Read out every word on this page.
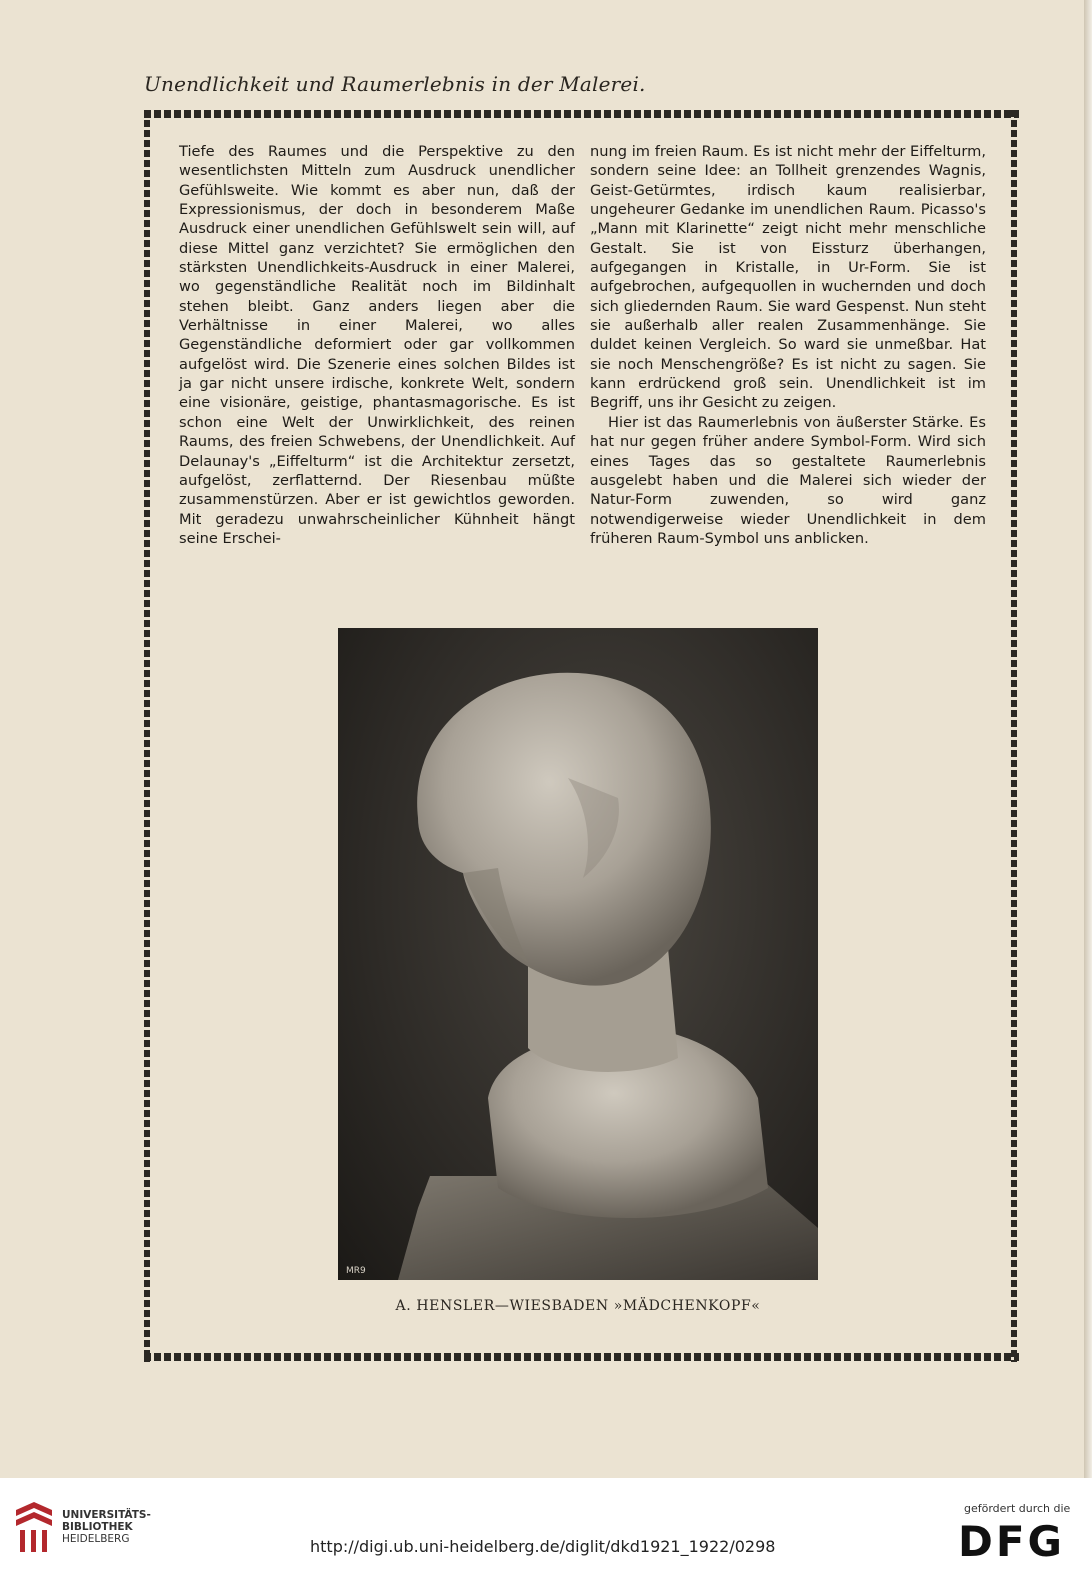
Unendlichkeit und Raumerlebnis in der Malerei.

Tiefe des Raumes und die Perspektive zu den wesentlichsten Mitteln zum Ausdruck unendlicher Gefühlsweite. Wie kommt es aber nun, daß der Expressionismus, der doch in besonderem Maße Ausdruck einer unendlichen Gefühlswelt sein will, auf diese Mittel ganz verzichtet? Sie ermöglichen den stärksten Unendlichkeits-Ausdruck in einer Malerei, wo gegenständliche Realität noch im Bildinhalt stehen bleibt. Ganz anders liegen aber die Verhältnisse in einer Malerei, wo alles Gegenständliche deformiert oder gar vollkommen aufgelöst wird. Die Szenerie eines solchen Bildes ist ja gar nicht unsere irdische, konkrete Welt, sondern eine visionäre, geistige, phantasmagorische. Es ist schon eine Welt der Unwirklichkeit, des reinen Raums, des freien Schwebens, der Unendlichkeit. Auf Delaunay's „Eiffelturm“ ist die Architektur zersetzt, aufgelöst, zerflatternd. Der Riesenbau müßte zusammenstürzen. Aber er ist gewichtlos geworden. Mit geradezu unwahrscheinlicher Kühnheit hängt seine Erschei-

nung im freien Raum. Es ist nicht mehr der Eiffelturm, sondern seine Idee: an Tollheit grenzendes Wagnis, Geist-Getürmtes, irdisch kaum realisierbar, ungeheurer Gedanke im unendlichen Raum. Picasso's „Mann mit Klarinette“ zeigt nicht mehr menschliche Gestalt. Sie ist von Eissturz überhangen, aufgegangen in Kristalle, in Ur-Form. Sie ist aufgebrochen, aufgequollen in wuchernden und doch sich gliedernden Raum. Sie ward Gespenst. Nun steht sie außerhalb aller realen Zusammenhänge. Sie duldet keinen Vergleich. So ward sie unmeßbar. Hat sie noch Menschengröße? Es ist nicht zu sagen. Sie kann erdrückend groß sein. Unendlichkeit ist im Begriff, uns ihr Gesicht zu zeigen.

Hier ist das Raumerlebnis von äußerster Stärke. Es hat nur gegen früher andere Symbol-Form. Wird sich eines Tages das so gestaltete Raumerlebnis ausgelebt haben und die Malerei sich wieder der Natur-Form zuwenden, so wird ganz notwendigerweise wieder Unendlichkeit in dem früheren Raum-Symbol uns anblicken.

MR9
A. HENSLER—WIESBADEN »MÄDCHENKOPF«
UNIVERSITÄTS-
BIBLIOTHEK
HEIDELBERG	http://digi.ub.uni-heidelberg.de/diglit/dkd1921_1922/0298
gefördert durch die
DFG
